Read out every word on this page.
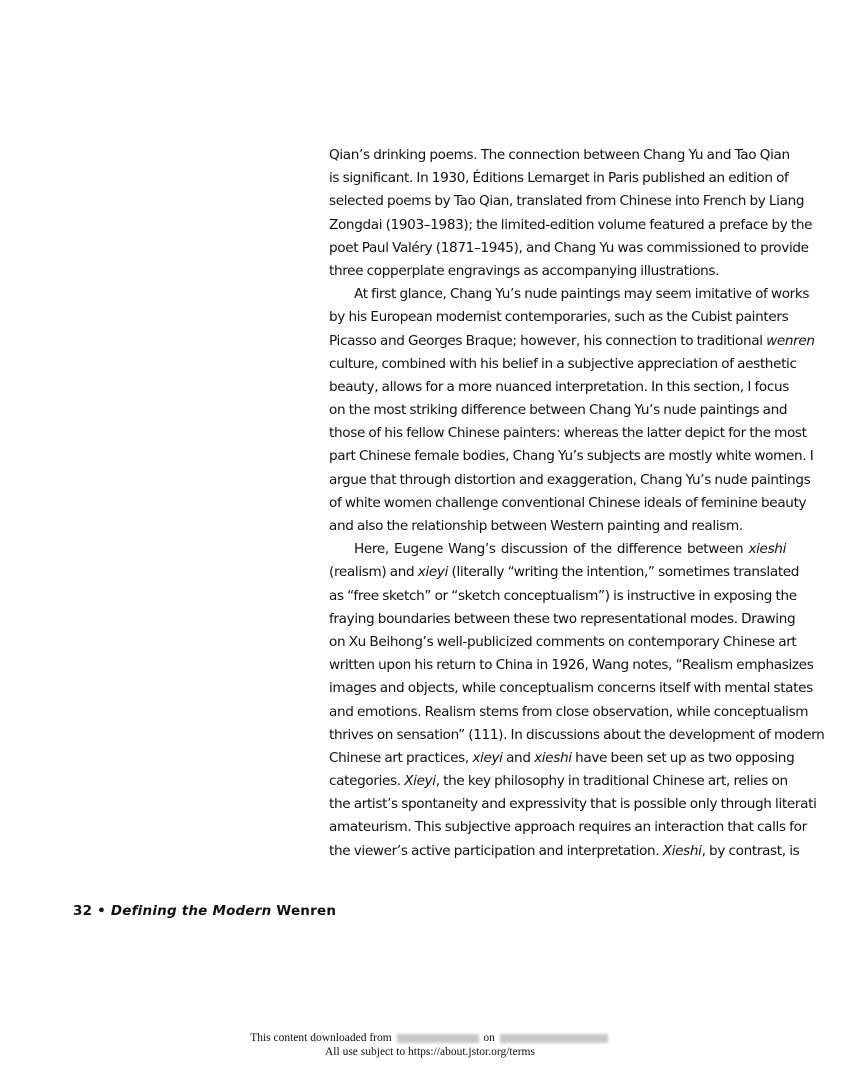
Qian’s drinking poems. The connection between Chang Yu and Tao Qian
is significant. In 1930, Éditions Lemarget in Paris published an edition of
selected poems by Tao Qian, translated from Chinese into French by Liang
Zongdai (1903–1983); the limited-edition volume featured a preface by the
poet Paul Valéry (1871–1945), and Chang Yu was commissioned to provide
three copperplate engravings as accompanying illustrations.
At first glance, Chang Yu’s nude paintings may seem imitative of works
by his European modernist contemporaries, such as the Cubist painters
Picasso and Georges Braque; however, his connection to traditional wenren
culture, combined with his belief in a subjective appreciation of aesthetic
beauty, allows for a more nuanced interpretation. In this section, I focus
on the most striking difference between Chang Yu’s nude paintings and
those of his fellow Chinese painters: whereas the latter depict for the most
part Chinese female bodies, Chang Yu’s subjects are mostly white women. I
argue that through distortion and exaggeration, Chang Yu’s nude paintings
of white women challenge conventional Chinese ideals of feminine beauty
and also the relationship between Western painting and realism.
Here, Eugene Wang’s discussion of the difference between xieshi
(realism) and xieyi (literally “writing the intention,” sometimes translated
as “free sketch” or “sketch conceptualism”) is instructive in exposing the
fraying boundaries between these two representational modes. Drawing
on Xu Beihong’s well-publicized comments on contemporary Chinese art
written upon his return to China in 1926, Wang notes, “Realism emphasizes
images and objects, while conceptualism concerns itself with mental states
and emotions. Realism stems from close observation, while conceptualism
thrives on sensation” (111). In discussions about the development of modern
Chinese art practices, xieyi and xieshi have been set up as two opposing
categories. Xieyi, the key philosophy in traditional Chinese art, relies on
the artist’s spontaneity and expressivity that is possible only through literati
amateurism. This subjective approach requires an interaction that calls for
the viewer’s active participation and interpretation. Xieshi, by contrast, is
32 • Defining the Modern Wenren
This content downloaded from	on
All use subject to https://about.jstor.org/terms
